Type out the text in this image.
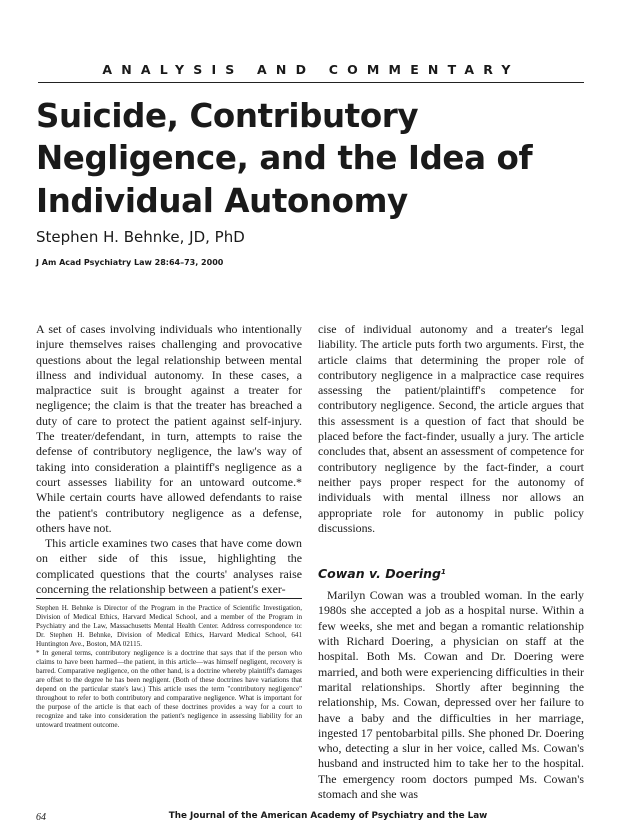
ANALYSIS AND COMMENTARY
Suicide, Contributory
Negligence, and the Idea of
Individual Autonomy
Stephen H. Behnke, JD, PhD
J Am Acad Psychiatry Law 28:64–73, 2000

A set of cases involving individuals who intentionally injure themselves raises challenging and provocative questions about the legal relationship between mental illness and individual autonomy. In these cases, a malpractice suit is brought against a treater for negligence; the claim is that the treater has breached a duty of care to protect the patient against self-injury. The treater/defendant, in turn, attempts to raise the defense of contributory negligence, the law's way of taking into consideration a plaintiff's negligence as a court assesses liability for an untoward outcome.* While certain courts have allowed defendants to raise the patient's contributory negligence as a defense, others have not.

This article examines two cases that have come down on either side of this issue, highlighting the complicated questions that the courts' analyses raise concerning the relationship between a patient's exer-

Stephen H. Behnke is Director of the Program in the Practice of Scientific Investigation, Division of Medical Ethics, Harvard Medical School, and a member of the Program in Psychiatry and the Law, Massachusetts Mental Health Center. Address correspondence to: Dr. Stephen H. Behnke, Division of Medical Ethics, Harvard Medical School, 641 Huntington Ave., Boston, MA 02115.

* In general terms, contributory negligence is a doctrine that says that if the person who claims to have been harmed—the patient, in this article—was himself negligent, recovery is barred. Comparative negligence, on the other hand, is a doctrine whereby plaintiff's damages are offset to the degree he has been negligent. (Both of these doctrines have variations that depend on the particular state's law.) This article uses the term "contributory negligence" throughout to refer to both contributory and comparative negligence. What is important for the purpose of the article is that each of these doctrines provides a way for a court to recognize and take into consideration the patient's negligence in assessing liability for an untoward treatment outcome.

cise of individual autonomy and a treater's legal liability. The article puts forth two arguments. First, the article claims that determining the proper role of contributory negligence in a malpractice case requires assessing the patient/plaintiff's competence for contributory negligence. Second, the article argues that this assessment is a question of fact that should be placed before the fact-finder, usually a jury. The article concludes that, absent an assessment of competence for contributory negligence by the fact-finder, a court neither pays proper respect for the autonomy of individuals with mental illness nor allows an appropriate role for autonomy in public policy discussions.

Cowan v. Doering$^1$

Marilyn Cowan was a troubled woman. In the early 1980s she accepted a job as a hospital nurse. Within a few weeks, she met and began a romantic relationship with Richard Doering, a physician on staff at the hospital. Both Ms. Cowan and Dr. Doering were married, and both were experiencing difficulties in their marital relationships. Shortly after beginning the relationship, Ms. Cowan, depressed over her failure to have a baby and the difficulties in her marriage, ingested 17 pentobarbital pills. She phoned Dr. Doering who, detecting a slur in her voice, called Ms. Cowan's husband and instructed him to take her to the hospital. The emergency room doctors pumped Ms. Cowan's stomach and she was

64	The Journal of the American Academy of Psychiatry and the Law
